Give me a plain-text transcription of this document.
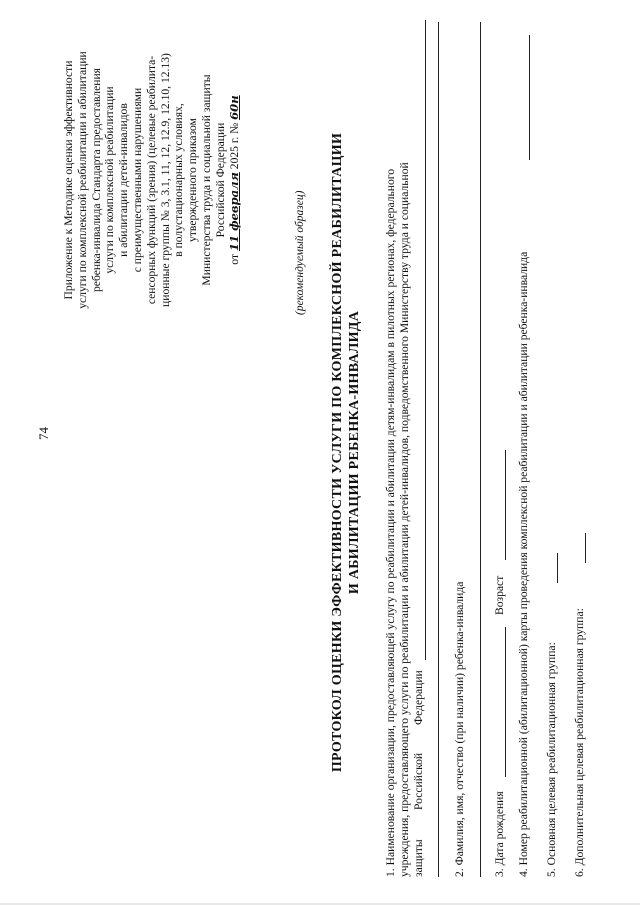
74
Приложение к Методике оценки эффективности услуги по комплексной реабилитации и абилитации ребенка-инвалида Стандарта предоставления услуги по комплексной реабилитации и абилитации детей-инвалидов с преимущественными нарушениями сенсорных функций (зрения) (целевые реабилита- ционные группы № 3, 3.1, 11, 12, 12.9, 12.10, 12.13) в полустационарных условиях, утвержденного приказом Министерства труда и социальной защиты Российской Федерации
от 11 февраля 2025 г. № 60н
(рекомендуемый образец) ПРОТОКОЛ ОЦЕНКИ ЭФФЕКТИВНОСТИ УСЛУГИ ПО КОМПЛЕКСНОЙ РЕАБИЛИТАЦИИ И АБИЛИТАЦИИ РЕБЕНКА-ИНВАЛИДА 1. Наименование организации, предоставляющей услугу по реабилитации и абилитации детям-инвалидам в пилотных регионах, федерального учреждения, предоставляющего услуги по реабилитации и абилитации детей-инвалидов, подведомственного Министерству труда и социальной защиты
Российской
Федерации 2. Фамилия, имя, отчество (при наличии) ребенка-инвалида 3. Дата рождения
Возраст 4. Номер реабилитационной (абилитационной) карты проведения комплексной реабилитации и абилитации ребенка-инвалида 5. Основная целевая реабилитационная группа: 6. Дополнительная целевая реабилитационная группа:
